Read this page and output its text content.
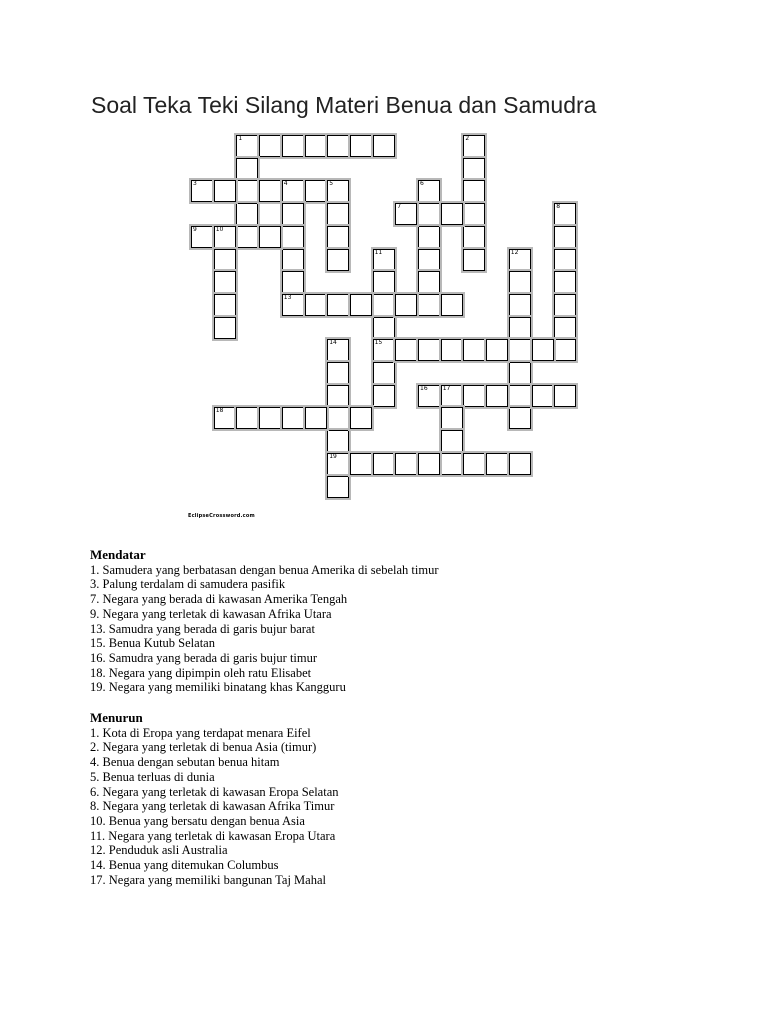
Soal Teka Teki Silang Materi Benua dan Samudra
1	2
3	4	5	6
7	8
9	10
11
15
12
13
14
19
16	17
18
EclipseCrossword.com
Mendatar
1. Samudera yang berbatasan dengan benua Amerika di sebelah timur
3. Palung terdalam di samudera pasifik
7. Negara yang berada di kawasan Amerika Tengah
9. Negara yang terletak di kawasan Afrika Utara
13. Samudra yang berada di garis bujur barat
15. Benua Kutub Selatan
16. Samudra yang berada di garis bujur timur
18. Negara yang dipimpin oleh ratu Elisabet
19. Negara yang memiliki binatang khas Kangguru
Menurun
1. Kota di Eropa yang terdapat menara Eifel
2. Negara yang terletak di benua Asia (timur)
4. Benua dengan sebutan benua hitam
5. Benua terluas di dunia
6. Negara yang terletak di kawasan Eropa Selatan
8. Negara yang terletak di kawasan Afrika Timur
10. Benua yang bersatu dengan benua Asia
11. Negara yang terletak di kawasan Eropa Utara
12. Penduduk asli Australia
14. Benua yang ditemukan Columbus
17. Negara yang memiliki bangunan Taj Mahal
